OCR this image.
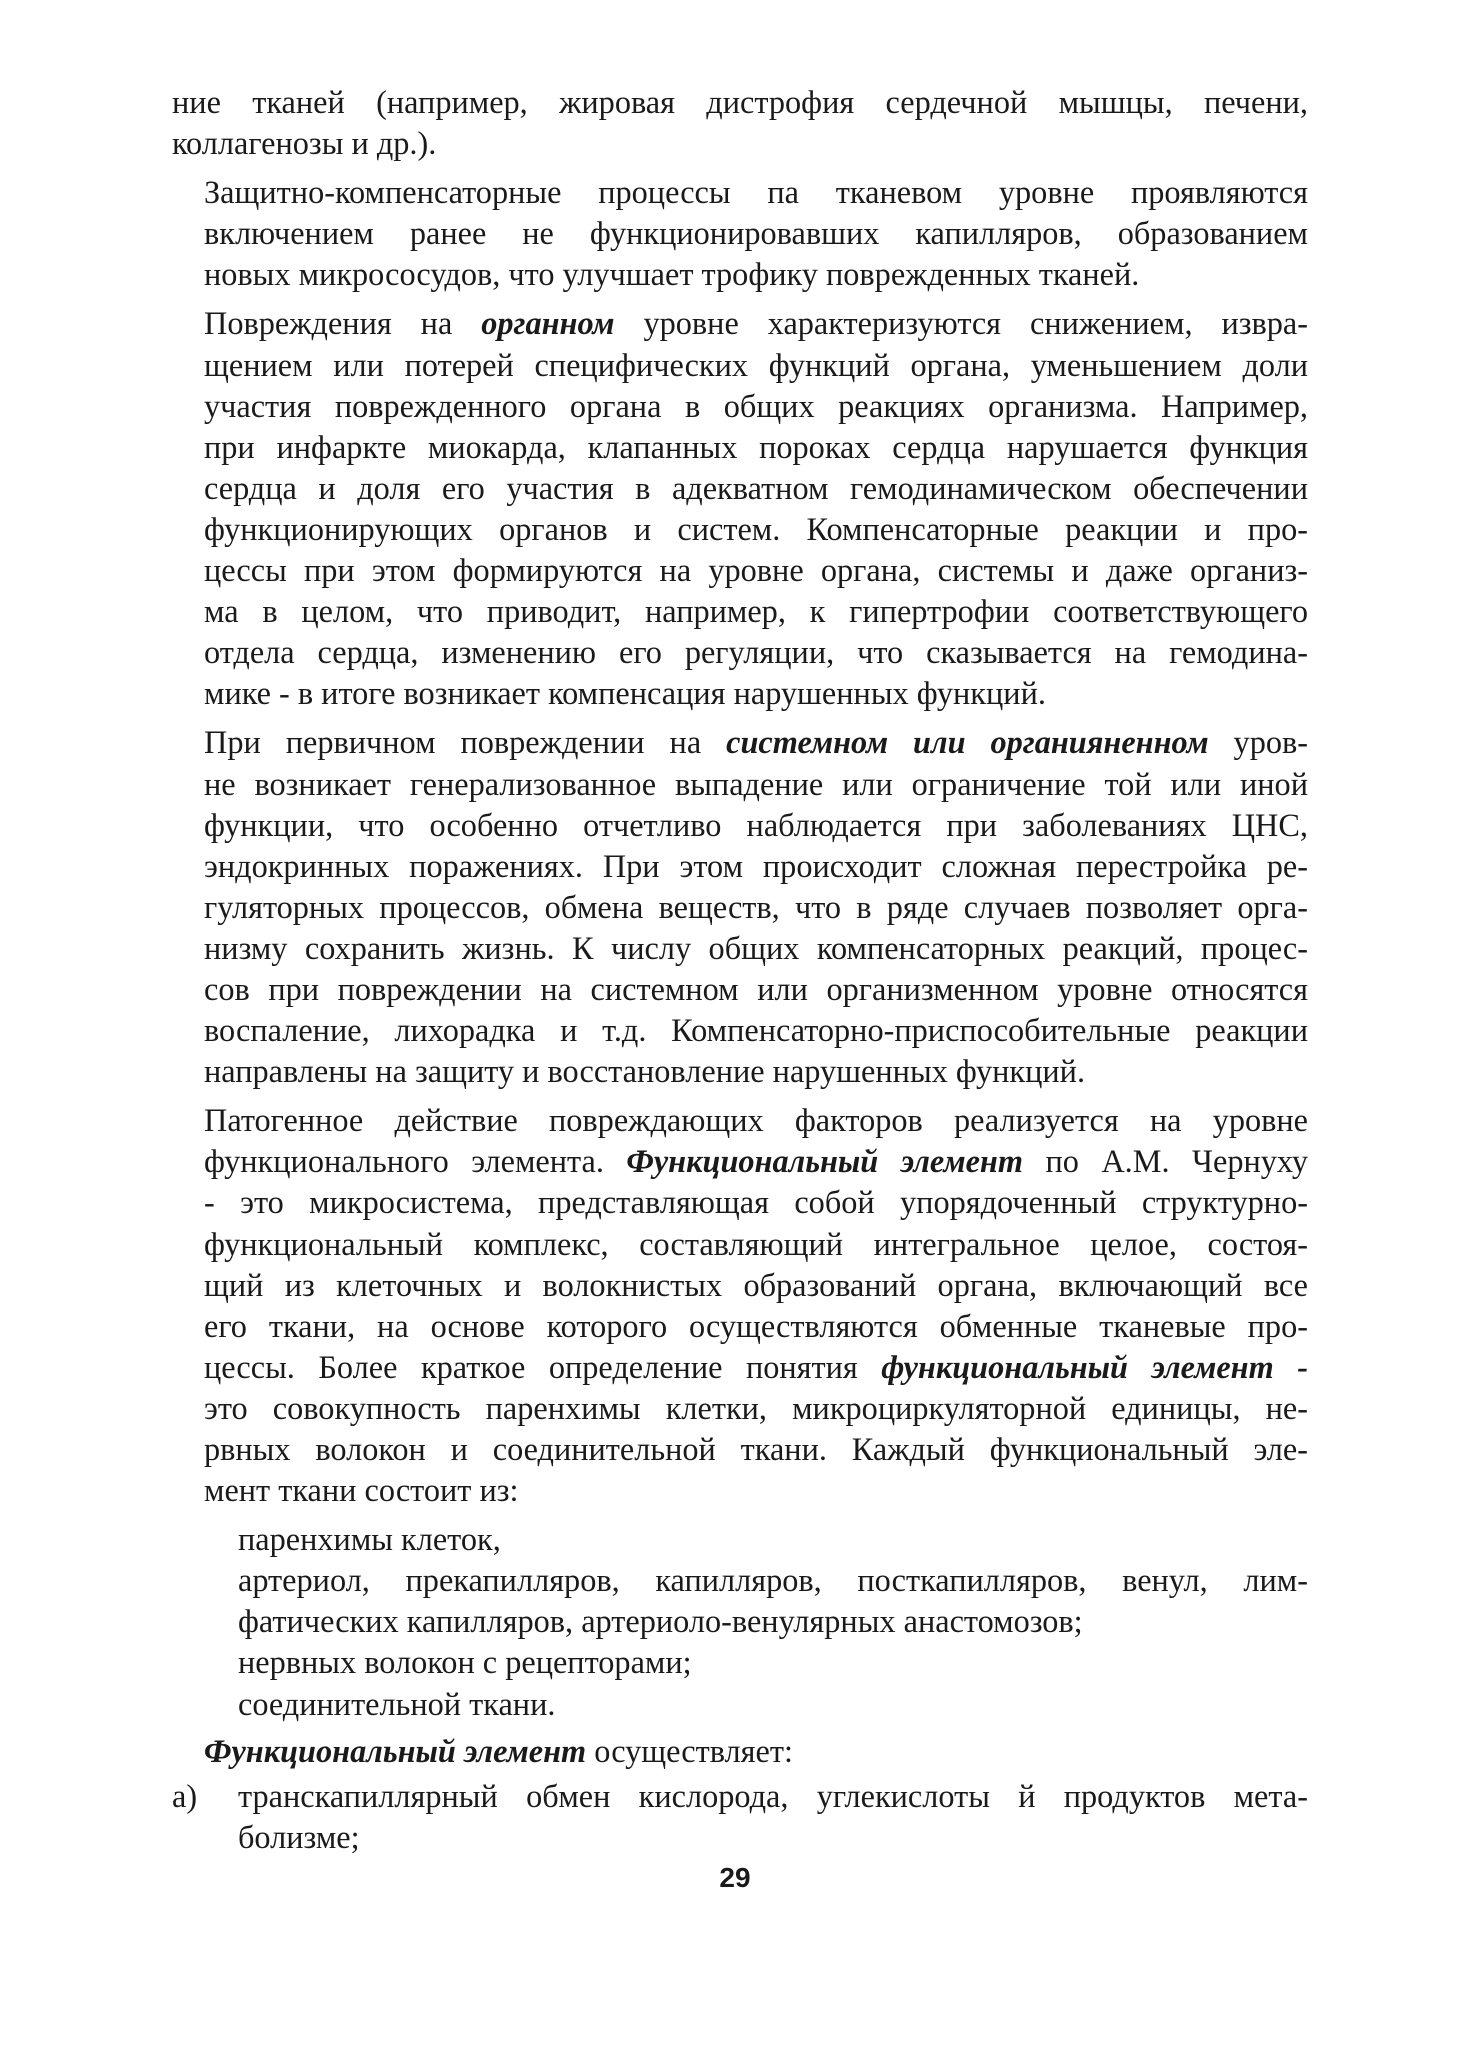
ние тканей (например, жировая дистрофия сердечной мышцы, печени,
коллагенозы и др.).

Защитно-компенсаторные процессы па тканевом уровне проявляются
включением ранее не функционировавших капилляров, образованием
новых микрососудов, что улучшает трофику поврежденных тканей.

Повреждения на органном уровне характеризуются снижением, извра-
щением или потерей специфических функций органа, уменьшением доли
участия поврежденного органа в общих реакциях организма. Например,
при инфаркте миокарда, клапанных пороках сердца нарушается функция
сердца и доля его участия в адекватном гемодинамическом обеспечении
функционирующих органов и систем. Компенсаторные реакции и про-
цессы при этом формируются на уровне органа, системы и даже организ-
ма в целом, что приводит, например, к гипертрофии соответствующего
отдела сердца, изменению его регуляции, что сказывается на гемодина-
мике - в итоге возникает компенсация нарушенных функций.

При первичном повреждении на системном или органияненном уров-
не возникает генерализованное выпадение или ограничение той или иной
функции, что особенно отчетливо наблюдается при заболеваниях ЦНС,
эндокринных поражениях. При этом происходит сложная перестройка ре-
гуляторных процессов, обмена веществ, что в ряде случаев позволяет орга-
низму сохранить жизнь. К числу общих компенсаторных реакций, процес-
сов при повреждении на системном или организменном уровне относятся
воспаление, лихорадка и т.д. Компенсаторно-приспособительные реакции
направлены на защиту и восстановление нарушенных функций.

Патогенное действие повреждающих факторов реализуется на уровне
функционального элемента. Функциональный элемент по А.М. Чернуху
- это микросистема, представляющая собой упорядоченный структурно-
функциональный комплекс, составляющий интегральное целое, состоя-
щий из клеточных и волокнистых образований органа, включающий все
его ткани, на основе которого осуществляются обменные тканевые про-
цессы. Более краткое определение понятия функциональный элемент -
это совокупность паренхимы клетки, микроциркуляторной единицы, не-
рвных волокон и соединительной ткани. Каждый функциональный эле-
мент ткани состоит из:

паренхимы клеток,
артериол, прекапилляров, капилляров, посткапилляров, венул, лим-
фатических капилляров, артериоло-венулярных анастомозов;
нервных волокон с рецепторами;
соединительной ткани.
Функциональный элемент осуществляет:
а) транскапиллярный обмен кислорода, углекислоты й продуктов мета-
болизме;
29
